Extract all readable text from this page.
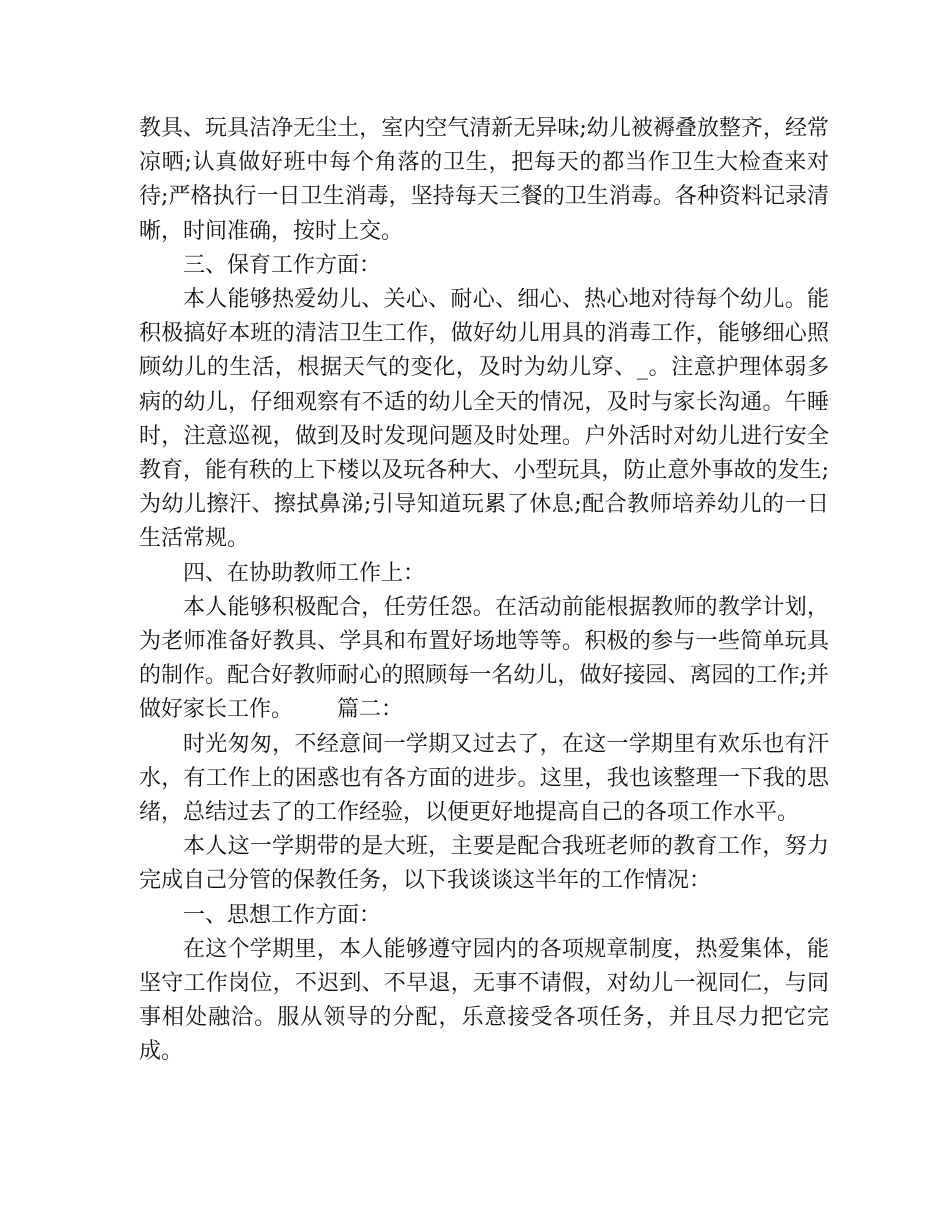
教具、玩具洁净无尘土，室内空气清新无异味;幼儿被褥叠放整齐，经常凉晒;认真做好班中每个角落的卫生，把每天的都当作卫生大检查来对待;严格执行一日卫生消毒，坚持每天三餐的卫生消毒。各种资料记录清晰，时间准确，按时上交。

三、保育工作方面：

本人能够热爱幼儿、关心、耐心、细心、热心地对待每个幼儿。能积极搞好本班的清洁卫生工作，做好幼儿用具的消毒工作，能够细心照顾幼儿的生活，根据天气的变化，及时为幼儿穿、_。注意护理体弱多病的幼儿，仔细观察有不适的幼儿全天的情况，及时与家长沟通。午睡时，注意巡视，做到及时发现问题及时处理。户外活时对幼儿进行安全教育，能有秩的上下楼以及玩各种大、小型玩具，防止意外事故的发生;为幼儿擦汗、擦拭鼻涕;引导知道玩累了休息;配合教师培养幼儿的一日生活常规。

四、在协助教师工作上：

本人能够积极配合，任劳任怨。在活动前能根据教师的教学计划，为老师准备好教具、学具和布置好场地等等。积极的参与一些简单玩具的制作。配合好教师耐心的照顾每一名幼儿，做好接园、离园的工作;并做好家长工作。 篇二：

时光匆匆，不经意间一学期又过去了，在这一学期里有欢乐也有汗水，有工作上的困惑也有各方面的进步。这里，我也该整理一下我的思绪，总结过去了的工作经验，以便更好地提高自己的各项工作水平。

本人这一学期带的是大班，主要是配合我班老师的教育工作，努力完成自己分管的保教任务，以下我谈谈这半年的工作情况：

一、思想工作方面：

在这个学期里，本人能够遵守园内的各项规章制度，热爱集体，能坚守工作岗位，不迟到、不早退，无事不请假，对幼儿一视同仁，与同事相处融洽。服从领导的分配，乐意接受各项任务，并且尽力把它完成。
